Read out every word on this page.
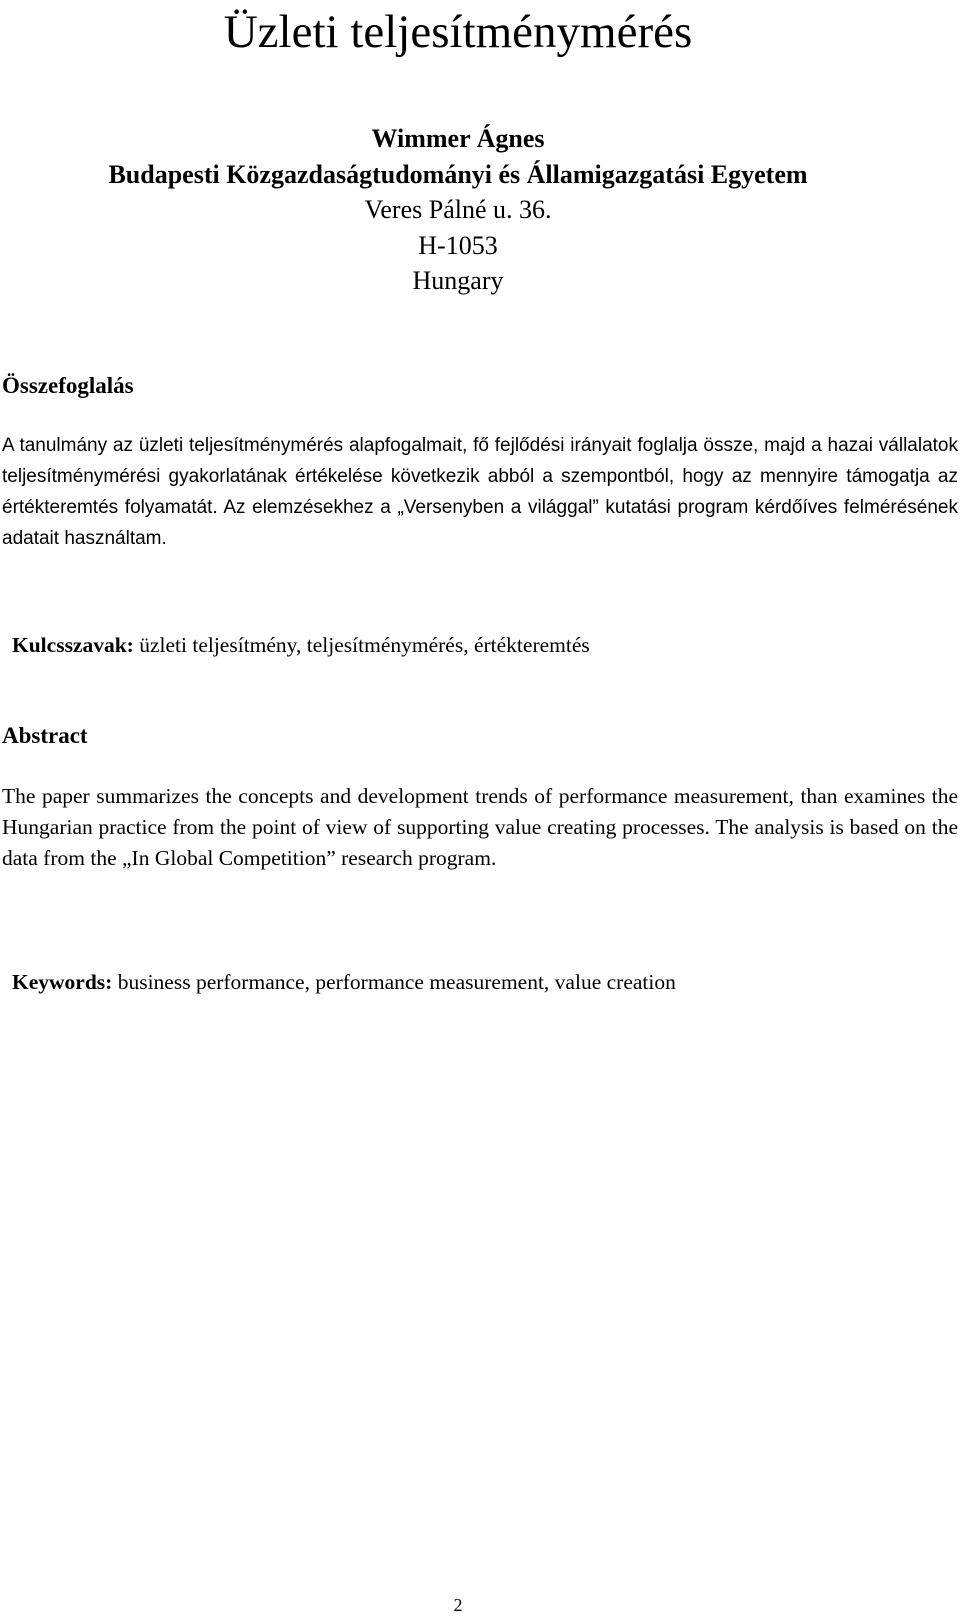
Üzleti teljesítménymérés
Wimmer Ágnes
Budapesti Közgazdaságtudományi és Államigazgatási Egyetem
Veres Pálné u. 36.
H-1053
Hungary
Összefoglalás

A tanulmány az üzleti teljesítménymérés alapfogalmait, fő fejlődési irányait foglalja össze, majd a hazai vállalatok teljesítménymérési gyakorlatának értékelése következik abból a szempontból, hogy az mennyire támogatja az értékteremtés folyamatát. Az elemzésekhez a „Versenyben a világgal” kutatási program kérdőíves felmérésének adatait használtam.

Kulcsszavak: üzleti teljesítmény, teljesítménymérés, értékteremtés

Abstract

The paper summarizes the concepts and development trends of performance measurement, than examines the Hungarian practice from the point of view of supporting value creating processes. The analysis is based on the data from the „In Global Competition” research program.

Keywords: business performance, performance measurement, value creation

2
